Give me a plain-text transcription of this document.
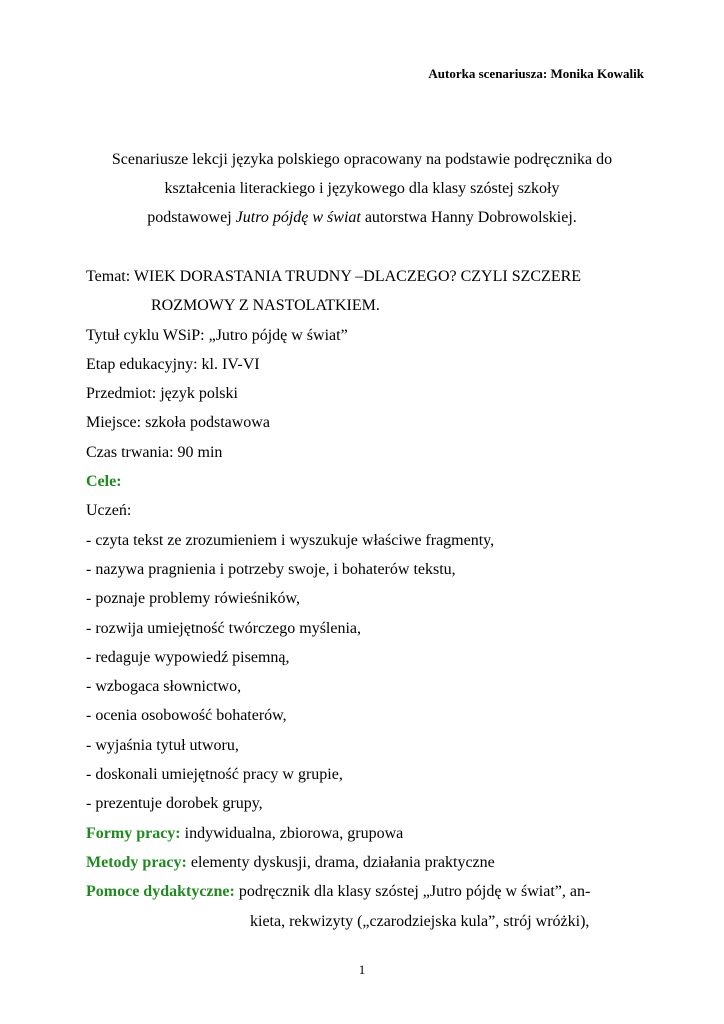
Autorka scenariusza: Monika Kowalik

Scenariusze lekcji języka polskiego opracowany na podstawie podręcznika do

kształcenia literackiego i językowego dla klasy szóstej szkoły

podstawowej Jutro pójdę w świat autorstwa Hanny Dobrowolskiej.

Temat: WIEK DORASTANIA TRUDNY –DLACZEGO? CZYLI SZCZERE

ROZMOWY Z NASTOLATKIEM.

Tytuł cyklu WSiP: „Jutro pójdę w świat”

Etap edukacyjny: kl. IV-VI

Przedmiot: język polski

Miejsce: szkoła podstawowa

Czas trwania: 90 min

Cele:

Uczeń:

- czyta tekst ze zrozumieniem i wyszukuje właściwe fragmenty,

- nazywa pragnienia i potrzeby swoje, i bohaterów tekstu,

- poznaje problemy rówieśników,

- rozwija umiejętność twórczego myślenia,

- redaguje wypowiedź pisemną,

- wzbogaca słownictwo,

- ocenia osobowość bohaterów,

- wyjaśnia tytuł utworu,

- doskonali umiejętność pracy w grupie,

- prezentuje dorobek grupy,

Formy pracy: indywidualna, zbiorowa, grupowa

Metody pracy: elementy dyskusji, drama, działania praktyczne

Pomoce dydaktyczne: podręcznik dla klasy szóstej „Jutro pójdę w świat”, an-

kieta, rekwizyty („czarodziejska kula”, strój wróżki),

1
